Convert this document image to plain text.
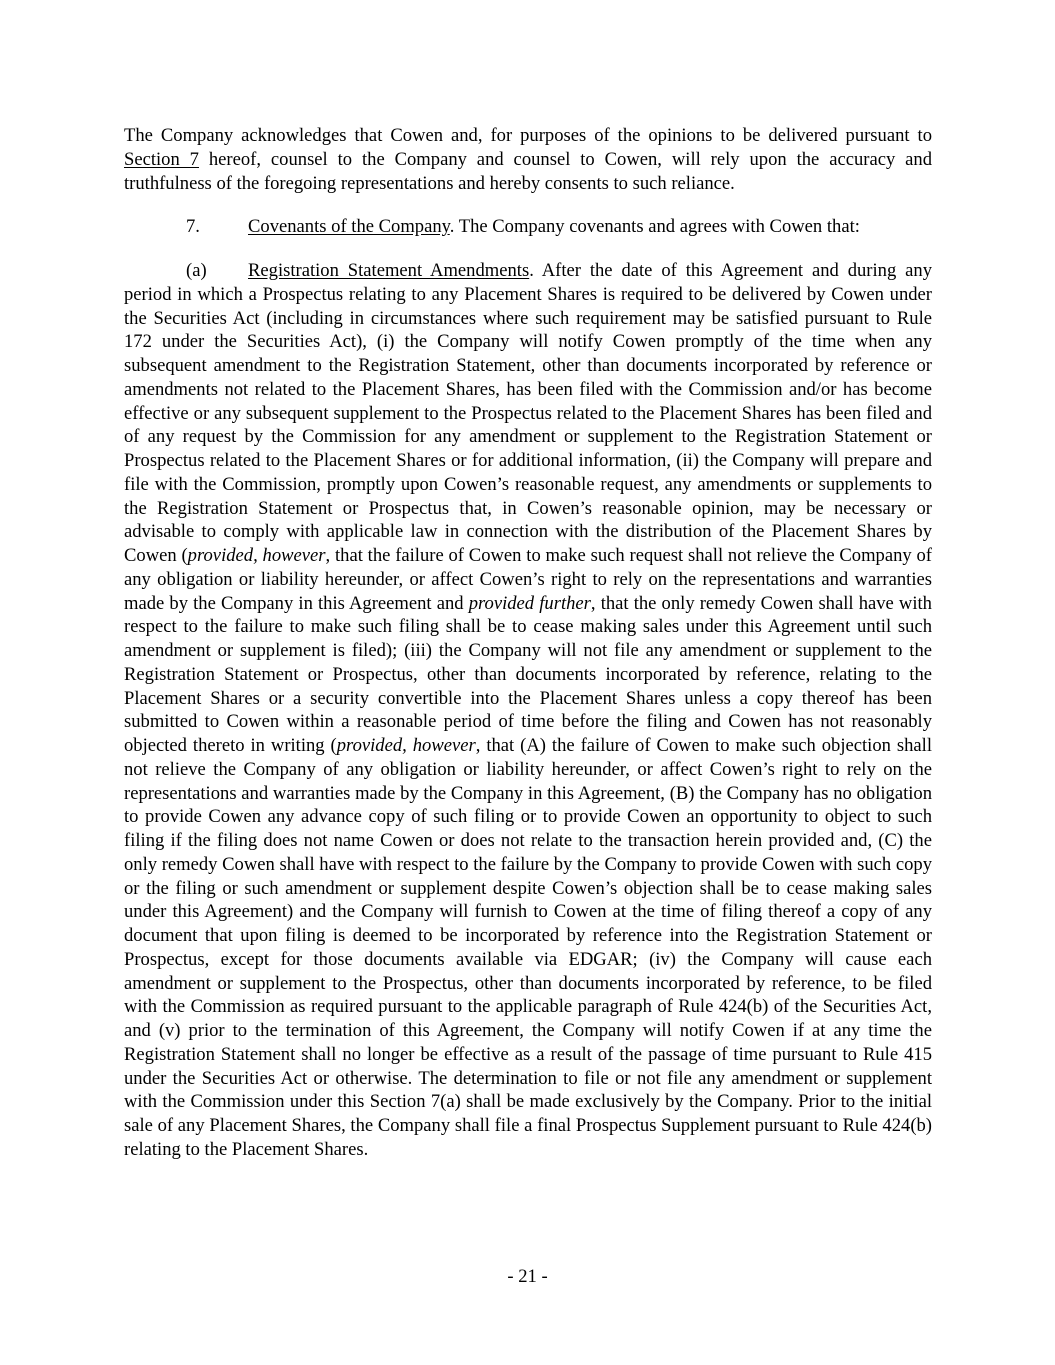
The Company acknowledges that Cowen and, for purposes of the opinions to be delivered pursuant to Section 7 hereof, counsel to the Company and counsel to Cowen, will rely upon the accuracy and truthfulness of the foregoing representations and hereby consents to such reliance.

7.	Covenants of the Company. The Company covenants and agrees with Cowen that:

(a) Registration Statement Amendments. After the date of this Agreement and during any period in which a Prospectus relating to any Placement Shares is required to be delivered by Cowen under the Securities Act (including in circumstances where such requirement may be satisfied pursuant to Rule 172 under the Securities Act), (i) the Company will notify Cowen promptly of the time when any subsequent amendment to the Registration Statement, other than documents incorporated by reference or amendments not related to the Placement Shares, has been filed with the Commission and/or has become effective or any subsequent supplement to the Prospectus related to the Placement Shares has been filed and of any request by the Commission for any amendment or supplement to the Registration Statement or Prospectus related to the Placement Shares or for additional information, (ii) the Company will prepare and file with the Commission, promptly upon Cowen’s reasonable request, any amendments or supplements to the Registration Statement or Prospectus that, in Cowen’s reasonable opinion, may be necessary or advisable to comply with applicable law in connection with the distribution of the Placement Shares by Cowen (provided, however, that the failure of Cowen to make such request shall not relieve the Company of any obligation or liability hereunder, or affect Cowen’s right to rely on the representations and warranties made by the Company in this Agreement and provided further, that the only remedy Cowen shall have with respect to the failure to make such filing shall be to cease making sales under this Agreement until such amendment or supplement is filed); (iii) the Company will not file any amendment or supplement to the Registration Statement or Prospectus, other than documents incorporated by reference, relating to the Placement Shares or a security convertible into the Placement Shares unless a copy thereof has been submitted to Cowen within a reasonable period of time before the filing and Cowen has not reasonably objected thereto in writing (provided, however, that (A) the failure of Cowen to make such objection shall not relieve the Company of any obligation or liability hereunder, or affect Cowen’s right to rely on the representations and warranties made by the Company in this Agreement, (B) the Company has no obligation to provide Cowen any advance copy of such filing or to provide Cowen an opportunity to object to such filing if the filing does not name Cowen or does not relate to the transaction herein provided and, (C) the only remedy Cowen shall have with respect to the failure by the Company to provide Cowen with such copy or the filing or such amendment or supplement despite Cowen’s objection shall be to cease making sales under this Agreement) and the Company will furnish to Cowen at the time of filing thereof a copy of any document that upon filing is deemed to be incorporated by reference into the Registration Statement or Prospectus, except for those documents available via EDGAR; (iv) the Company will cause each amendment or supplement to the Prospectus, other than documents incorporated by reference, to be filed with the Commission as required pursuant to the applicable paragraph of Rule 424(b) of the Securities Act, and (v) prior to the termination of this Agreement, the Company will notify Cowen if at any time the Registration Statement shall no longer be effective as a result of the passage of time pursuant to Rule 415 under the Securities Act or otherwise. The determination to file or not file any amendment or supplement with the Commission under this Section 7(a) shall be made exclusively by the Company. Prior to the initial sale of any Placement Shares, the Company shall file a final Prospectus Supplement pursuant to Rule 424(b) relating to the Placement Shares.

- 21 -
